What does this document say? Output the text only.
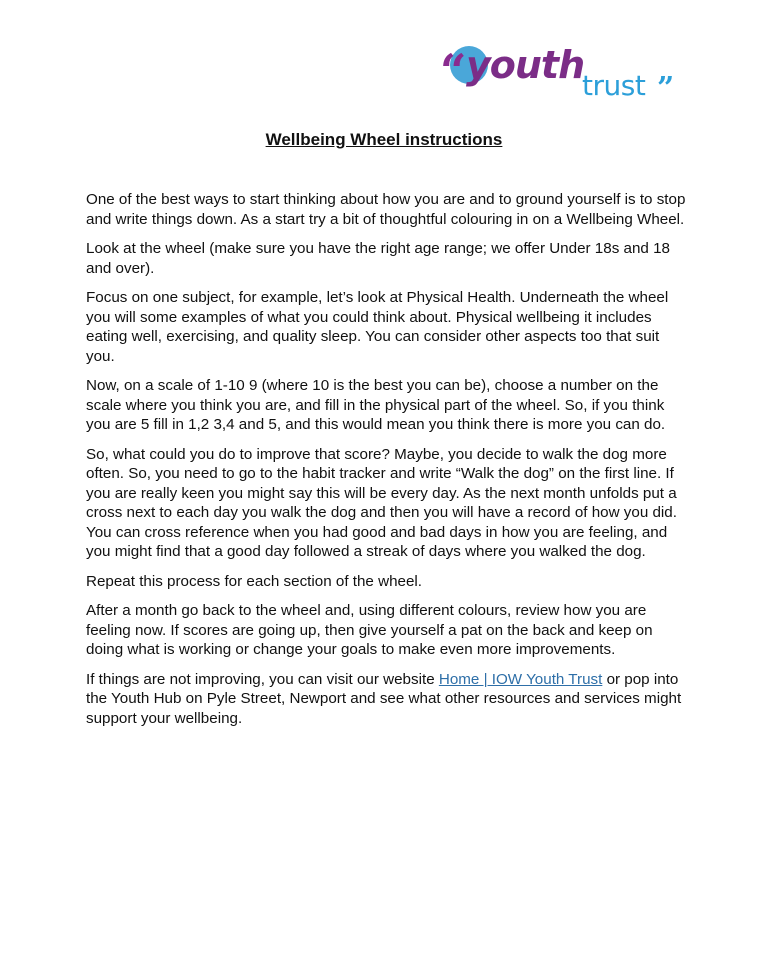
“ youth
trust ”
Wellbeing Wheel instructions

One of the best ways to start thinking about how you are and to ground yourself is to stop and write things down. As a start try a bit of thoughtful colouring in on a Wellbeing Wheel.

Look at the wheel (make sure you have the right age range; we offer Under 18s and 18 and over).

Focus on one subject, for example, let’s look at Physical Health. Underneath the wheel you will some examples of what you could think about. Physical wellbeing it includes eating well, exercising, and quality sleep. You can consider other aspects too that suit you.

Now, on a scale of 1-10 9 (where 10 is the best you can be), choose a number on the scale where you think you are, and fill in the physical part of the wheel. So, if you think you are 5 fill in 1,2 3,4 and 5, and this would mean you think there is more you can do.

So, what could you do to improve that score? Maybe, you decide to walk the dog more often. So, you need to go to the habit tracker and write “Walk the dog” on the first line. If you are really keen you might say this will be every day. As the next month unfolds put a cross next to each day you walk the dog and then you will have a record of how you did. You can cross reference when you had good and bad days in how you are feeling, and you might find that a good day followed a streak of days where you walked the dog.

Repeat this process for each section of the wheel.

After a month go back to the wheel and, using different colours, review how you are feeling now. If scores are going up, then give yourself a pat on the back and keep on doing what is working or change your goals to make even more improvements.

If things are not improving, you can visit our website Home | IOW Youth Trust or pop into the Youth Hub on Pyle Street, Newport and see what other resources and services might support your wellbeing.
